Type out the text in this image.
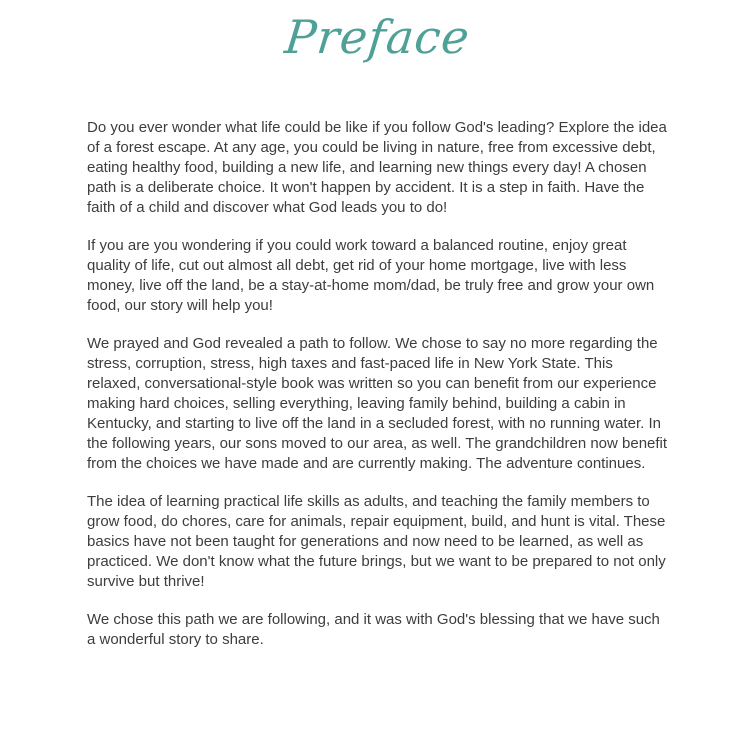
Preface

Do you ever wonder what life could be like if you follow God's leading? Explore the idea of a forest escape. At any age, you could be living in nature, free from excessive debt, eating healthy food, building a new life, and learning new things every day! A chosen path is a deliberate choice. It won't happen by accident. It is a step in faith. Have the faith of a child and discover what God leads you to do!

If you are you wondering if you could work toward a balanced routine, enjoy great quality of life, cut out almost all debt, get rid of your home mortgage, live with less money, live off the land, be a stay-at-home mom/dad, be truly free and grow your own food, our story will help you!

We prayed and God revealed a path to follow. We chose to say no more regarding the stress, corruption, stress, high taxes and fast-paced life in New York State. This relaxed, conversational-style book was written so you can benefit from our experience making hard choices, selling everything, leaving family behind, building a cabin in Kentucky, and starting to live off the land in a secluded forest, with no running water. In the following years, our sons moved to our area, as well. The grandchildren now benefit from the choices we have made and are currently making. The adventure continues.

The idea of learning practical life skills as adults, and teaching the family members to grow food, do chores, care for animals, repair equipment, build, and hunt is vital. These basics have not been taught for generations and now need to be learned, as well as practiced. We don't know what the future brings, but we want to be prepared to not only survive but thrive!

We chose this path we are following, and it was with God's blessing that we have such a wonderful story to share.
